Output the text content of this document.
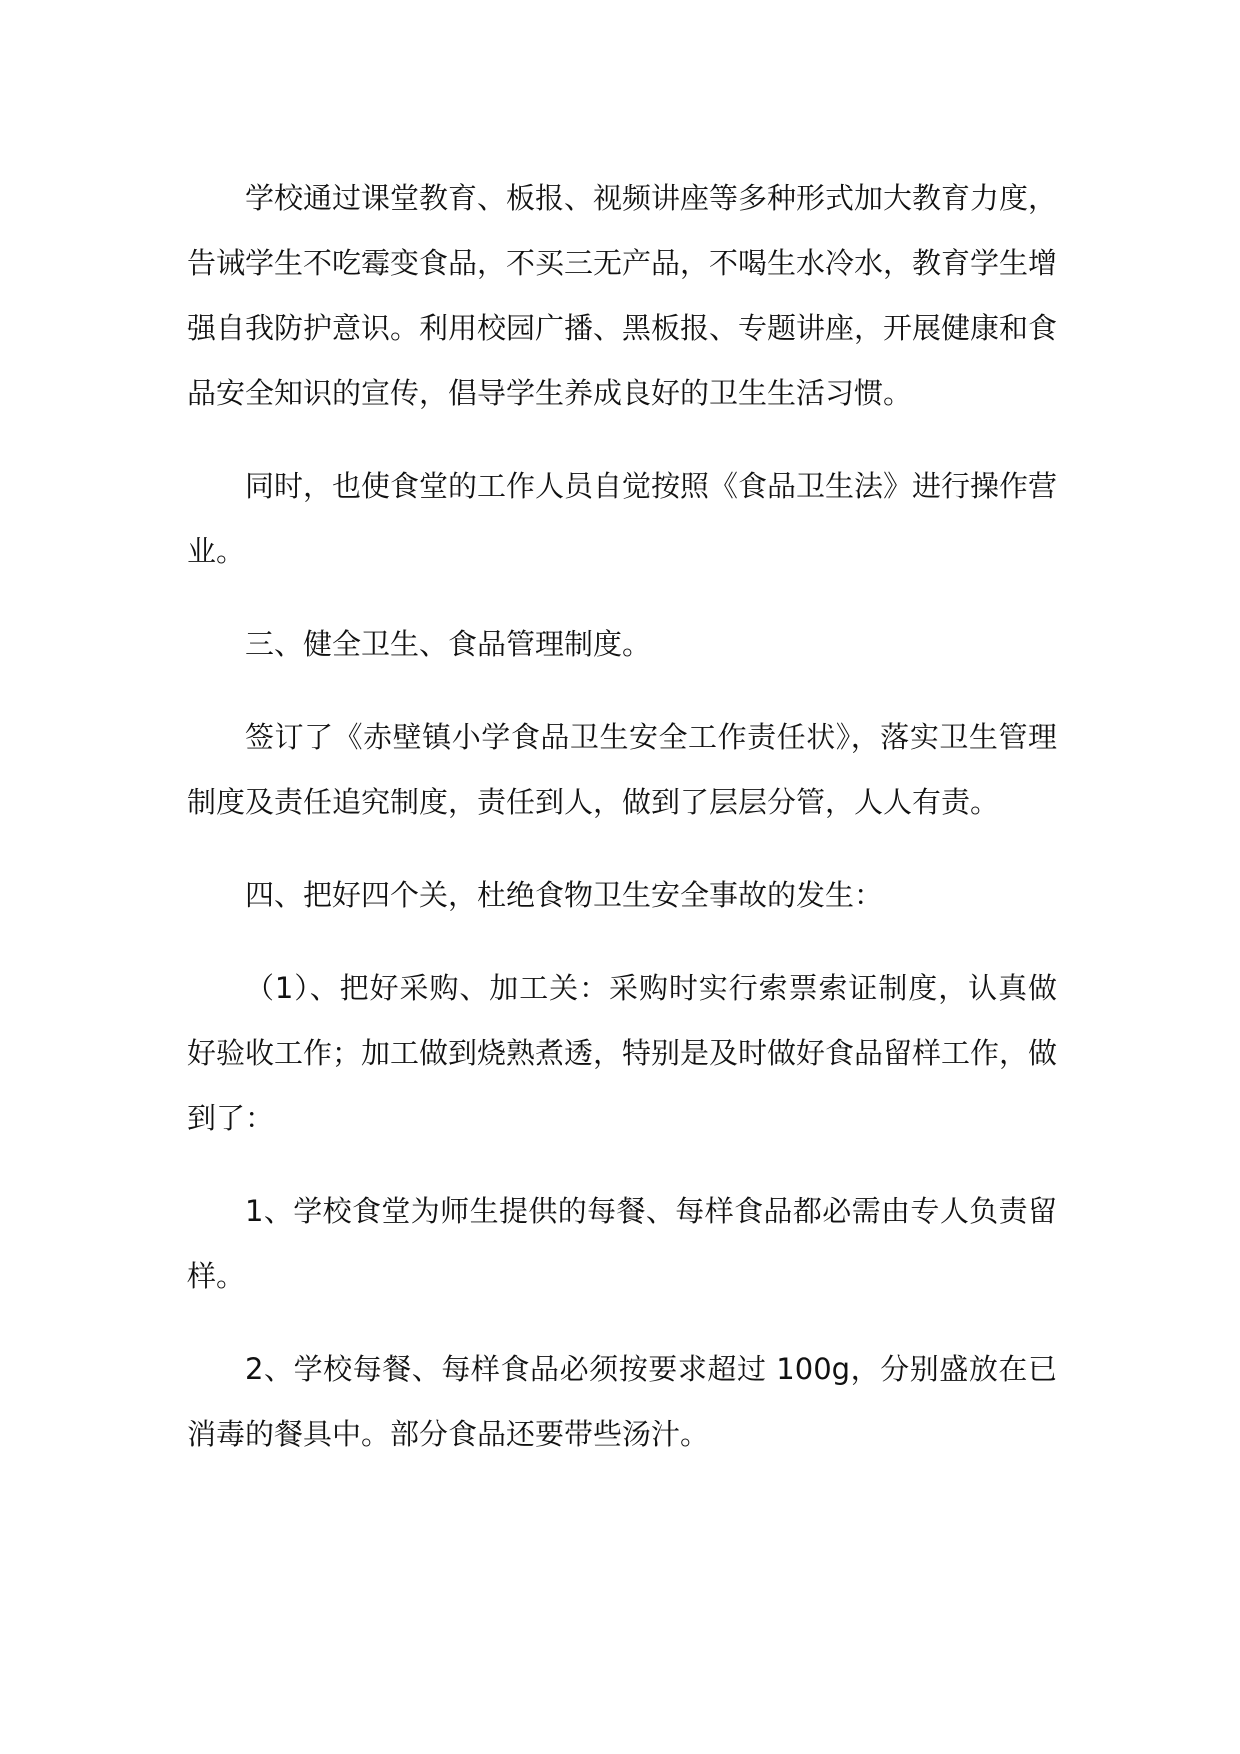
学校通过课堂教育、板报、视频讲座等多种形式加大教育力度，告诫学生不吃霉变食品，不买三无产品，不喝生水冷水，教育学生增强自我防护意识。利用校园广播、黑板报、专题讲座，开展健康和食品安全知识的宣传，倡导学生养成良好的卫生生活习惯。

同时，也使食堂的工作人员自觉按照《食品卫生法》进行操作营业。

三、健全卫生、食品管理制度。

签订了《赤壁镇小学食品卫生安全工作责任状》，落实卫生管理制度及责任追究制度，责任到人，做到了层层分管，人人有责。

四、把好四个关，杜绝食物卫生安全事故的发生：

（1）、把好采购、加工关：采购时实行索票索证制度，认真做好验收工作；加工做到烧熟煮透，特别是及时做好食品留样工作，做到了：

1、学校食堂为师生提供的每餐、每样食品都必需由专人负责留样。

2、学校每餐、每样食品必须按要求超过 100g，分别盛放在已消毒的餐具中。部分食品还要带些汤汁。
